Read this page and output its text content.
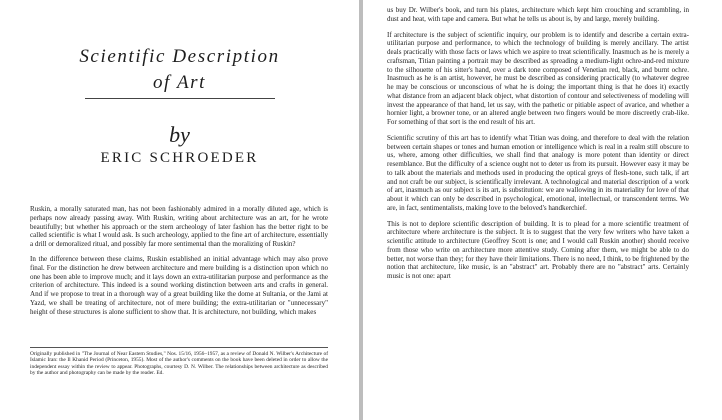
Scientific Description
of Art

by

ERIC SCHROEDER

Ruskin, a morally saturated man, has not been fashionably admired in a morally diluted age, which is perhaps now already passing away. With Ruskin, writing about architecture was an art, for he wrote beautifully; but whether his approach or the stern archeology of later fashion has the better right to be called scientific is what I would ask. Is such archeology, applied to the fine art of architecture, essentially a drill or demoralized ritual, and possibly far more sentimental than the moralizing of Ruskin?

In the difference between these claims, Ruskin established an initial advantage which may also prove final. For the distinction he drew between architecture and mere building is a distinction upon which no one has been able to improve much; and it lays down an extra-utilitarian purpose and performance as the criterion of architecture. This indeed is a sound working distinction between arts and crafts in general. And if we propose to treat in a thorough way of a great building like the dome at Sultania, or the Jami at Yazd, we shall be treating of architecture, not of mere building; the extra-utilitarian or "unnecessary" height of these structures is alone sufficient to show that. It is architecture, not building, which makes

Originally published in "The Journal of Near Eastern Studies," Nos. 15/16, 1956–1957, as a review of Donald N. Wilber's Architecture of Islamic Iran: the Il Khanid Period (Princeton, 1955). Most of the author's comments on the book have been deleted in order to allow the independent essay within the review to appear. Photographs, courtesy D. N. Wilber. The relationships between architecture as described by the author and photography can be made by the reader. Ed.

us buy Dr. Wilber's book, and turn his plates, architecture which kept him crouching and scrambling, in dust and heat, with tape and camera. But what he tells us about is, by and large, merely building.

If architecture is the subject of scientific inquiry, our problem is to identify and describe a certain extra-utilitarian purpose and performance, to which the technology of building is merely ancillary. The artist deals practically with those facts or laws which we aspire to treat scientifically. Inasmuch as he is merely a craftsman, Titian painting a portrait may be described as spreading a medium-light ochre-and-red mixture to the silhouette of his sitter's hand, over a dark tone composed of Venetian red, black, and burnt ochre. Inasmuch as he is an artist, however, he must be described as considering practically (to whatever degree he may be conscious or unconscious of what he is doing; the important thing is that he does it) exactly what distance from an adjacent black object, what distortion of contour and selectiveness of modeling will invest the appearance of that hand, let us say, with the pathetic or pitiable aspect of avarice, and whether a hornier light, a browner tone, or an altered angle between two fingers would be more discreetly crab-like. For something of that sort is the end result of his art.

Scientific scrutiny of this art has to identify what Titian was doing, and therefore to deal with the relation between certain shapes or tones and human emotion or intelligence which is real in a realm still obscure to us, where, among other difficulties, we shall find that analogy is more potent than identity or direct resemblance. But the difficulty of a science ought not to deter us from its pursuit. However easy it may be to talk about the materials and methods used in producing the optical greys of flesh-tone, such talk, if art and not craft be our subject, is scientifically irrelevant. A technological and material description of a work of art, inasmuch as our subject is its art, is substitution: we are wallowing in its materiality for love of that about it which can only be described in psychological, emotional, intellectual, or transcendent terms. We are, in fact, sentimentalists, making love to the beloved's handkerchief.

This is not to deplore scientific description of building. It is to plead for a more scientific treatment of architecture where architecture is the subject. It is to suggest that the very few writers who have taken a scientific attitude to architecture (Geoffrey Scott is one; and I would call Ruskin another) should receive from those who write on architecture more attentive study. Coming after them, we might be able to do better, not worse than they; for they have their limitations. There is no need, I think, to be frightened by the notion that architecture, like music, is an "abstract" art. Probably there are no "abstract" arts. Certainly music is not one: apart
